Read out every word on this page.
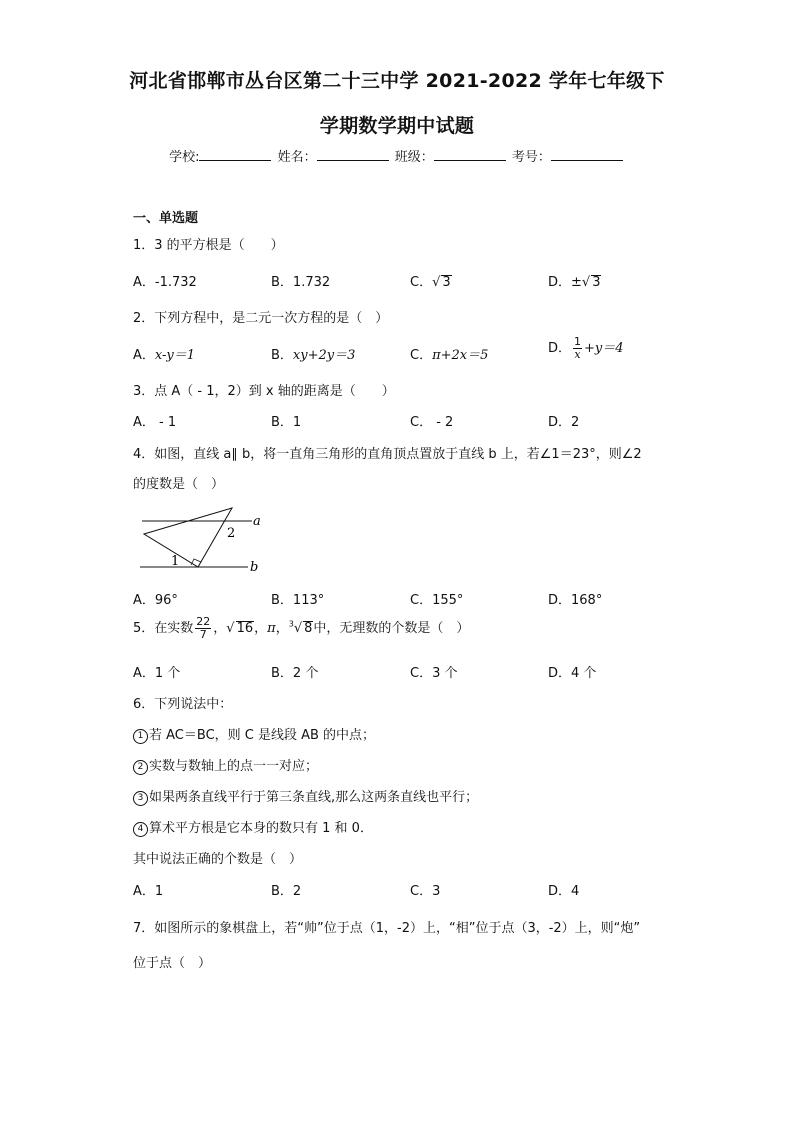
河北省邯郸市丛台区第二十三中学 2021-2022 学年七年级下
学期数学期中试题
学校:	姓名：	班级：	考号：
一、单选题
1．3 的平方根是（　　）
A．-1.732	B．1.732	C．√ 3	D．±√ 3
2．下列方程中，是二元一次方程的是（　）
A．x-y＝1	B．xy+2y＝3	C．π+2x＝5	D． $\frac{1}{x} +y=4$
3．点 A（ - 1，2）到 x 轴的距离是（　　）
A． - 1	B．1	C． - 2	D．2
4．如图，直线 a∥ b，将一直角三角形的直角顶点置放于直线 b 上，若∠1＝23°，则∠2
的度数是（　）
a
b
1
2
A．96°	B．113°	C．155°	D．168°
5．在实数 $\frac{22}{7}$ ，√ 16，π，$^3$√ 8中，无理数的个数是（　）
A．1 个	B．2 个	C．3 个	D．4 个
6．下列说法中：
1 若 AC＝BC，则 C 是线段 AB 的中点；
2 实数与数轴上的点一一对应；
3 如果两条直线平行于第三条直线,那么这两条直线也平行；
4 算术平方根是它本身的数只有 1 和 0．
其中说法正确的个数是（　）
A．1	B．2	C．3	D．4
7．如图所示的象棋盘上，若“帅”位于点（1，-2）上，“相”位于点（3，-2）上，则“炮”
位于点（　）
